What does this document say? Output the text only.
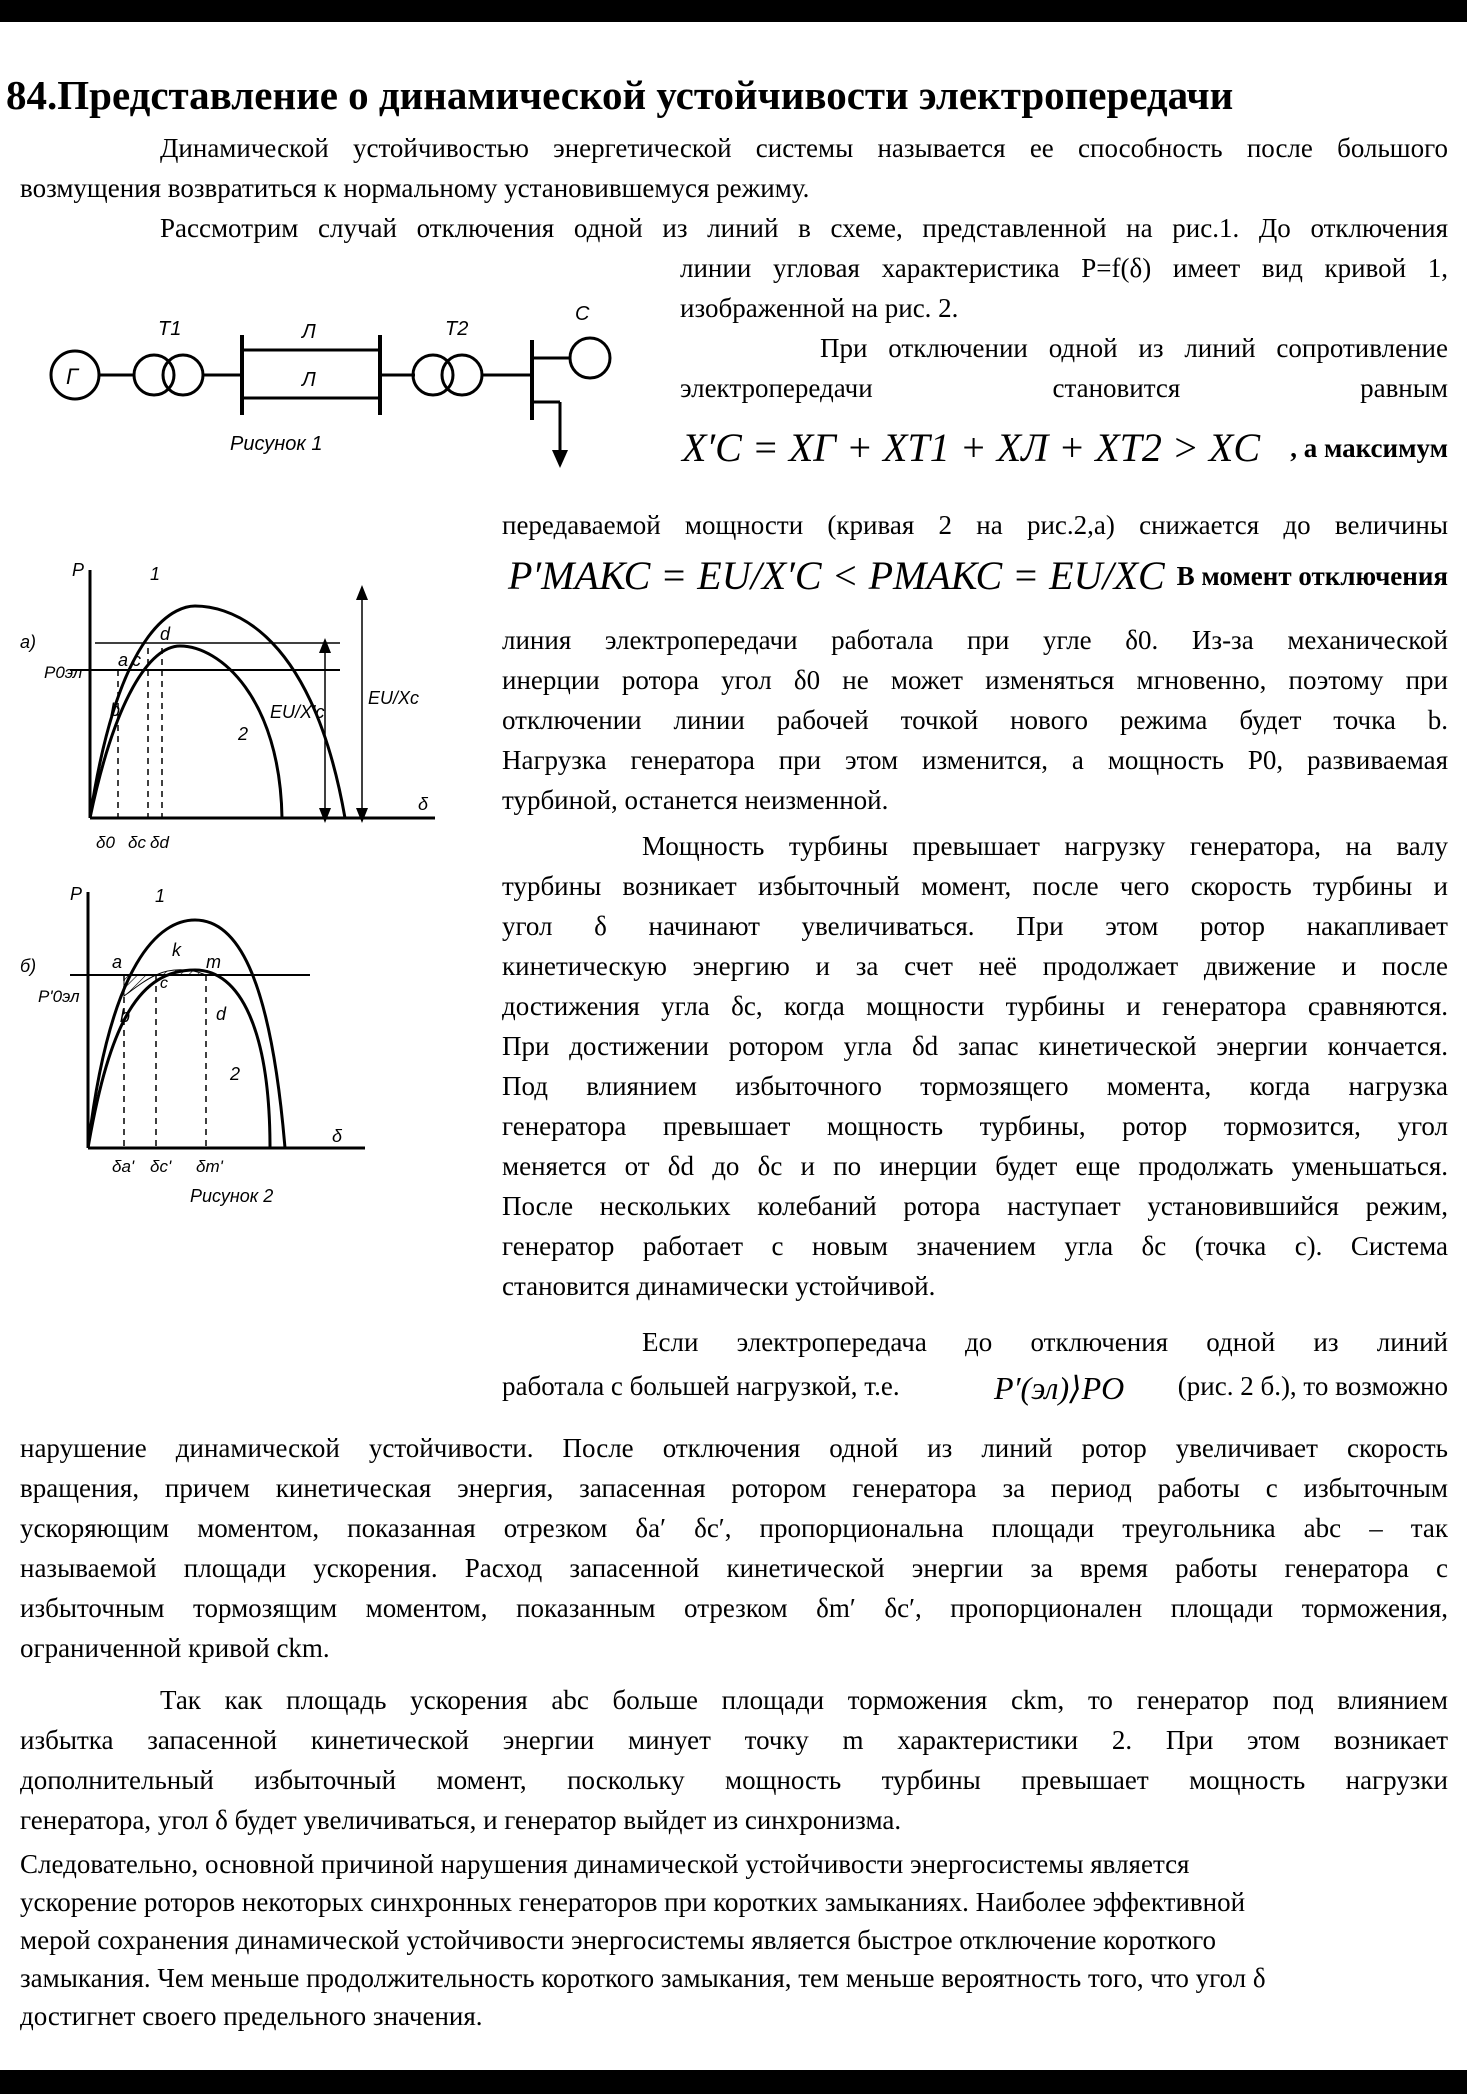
84.Представление о динамической устойчивости электропередачи
Динамической устойчивостью энергетической системы называется ее способность после большого
возмущения возвратиться к нормальному установившемуся режиму.
Рассмотрим случай отключения одной из линий в схеме, представленной на рис.1. До отключения
линии угловая характеристика P=f(δ) имеет вид кривой 1,
изображенной на рис. 2.
При отключении одной из линий сопротивление
электропередачи становится равным
X′C = XГ + XТ1 + XЛ + XТ2 > XC	, а максимум
передаваемой мощности (кривая 2 на рис.2,а) снижается до величины
P′МАКС = EU/X′C < PМАКС = EU/XC В момент отключения
линия электропередачи работала при угле δ0. Из-за механической
инерции ротора угол δ0 не может изменяться мгновенно, поэтому при
отключении линии рабочей точкой нового режима будет точка b.
Нагрузка генератора при этом изменится, а мощность P0, развиваемая
турбиной, останется неизменной.
Мощность турбины превышает нагрузку генератора, на валу
турбины возникает избыточный момент, после чего скорость турбины и
угол δ начинают увеличиваться. При этом ротор накапливает
кинетическую энергию и за счет неё продолжает движение и после
достижения угла δc, когда мощности турбины и генератора сравняются.
При достижении ротором угла δd запас кинетической энергии кончается.
Под влиянием избыточного тормозящего момента, когда нагрузка
генератора превышает мощность турбины, ротор тормозится, угол
меняется от δd до δc и по инерции будет еще продолжать уменьшаться.
После нескольких колебаний ротора наступает установившийся режим,
генератор работает с новым значением угла δc (точка c). Система
становится динамически устойчивой.
Если электропередача до отключения одной из линий
работала с большей нагрузкой, т.е.	P′(эл)⟩PO (рис. 2 б.), то возможно
нарушение динамической устойчивости. После отключения одной из линий ротор увеличивает скорость
вращения, причем кинетическая энергия, запасенная ротором генератора за период работы с избыточным
ускоряющим моментом, показанная отрезком δa′ δc′, пропорциональна площади треугольника abc – так
называемой площади ускорения. Расход запасенной кинетической энергии за время работы генератора с
избыточным тормозящим моментом, показанным отрезком δm′ δc′, пропорционален площади торможения,
ограниченной кривой ckm.
Так как площадь ускорения abc больше площади торможения ckm, то генератор под влиянием
избытка запасенной кинетической энергии минует точку m характеристики 2. При этом возникает
дополнительный избыточный момент, поскольку мощность турбины превышает мощность нагрузки
генератора, угол δ будет увеличиваться, и генератор выйдет из синхронизма.
Следовательно, основной причиной нарушения динамической устойчивости энергосистемы является
ускорение роторов некоторых синхронных генераторов при коротких замыканиях. Наиболее эффективной
мерой сохранения динамической устойчивости энергосистемы является быстрое отключение короткого
замыкания. Чем меньше продолжительность короткого замыкания, тем меньше вероятность того, что угол δ
достигнет своего предельного значения.
Г
T1	Л
Л
T2
С
Рисунок 1
а)
P	1
2
P0эл
a c
d
b	EU/X'c
EU/Xc
δ
δ0 δc δd
б)
P	1
2
P'0эл
a
k
m
c
d
b
δ
δa' δc' δm'
Рисунок 2
